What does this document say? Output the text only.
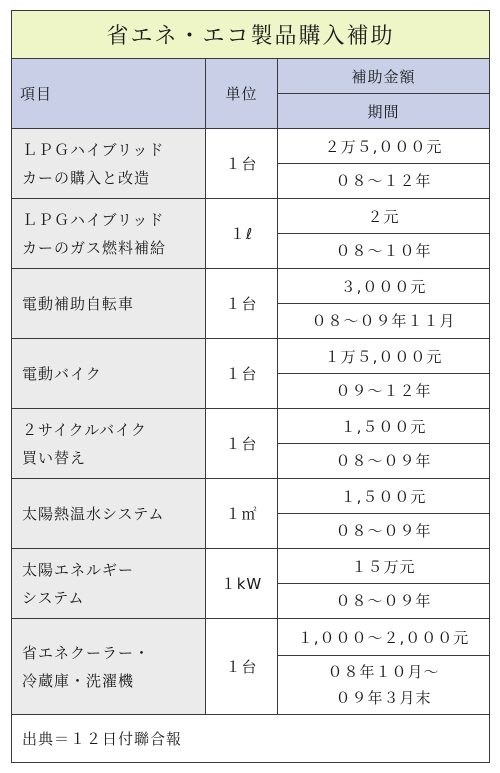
省エネ・エコ製品購入補助		
項目	単位	補助金額
		期間
ＬＰＧハイブリッド
カーの購入と改造	１台	２万５,０００元
		０８～１２年
ＬＰＧハイブリッド
カーのガス燃料補給	１ℓ	２元
		０８～１０年
電動補助自転車	１台	３,０００元
		０８～０９年１１月
電動バイク	１台	１万５,０００元
		０９～１２年
２サイクルバイク
買い替え	１台	１,５００元
		０８～０９年
太陽熱温水システム	１㎡	１,５００元
		０８～０９年
太陽エネルギー
システム	１kW	１５万元
		０８～０９年
省エネクーラー・
冷蔵庫・洗濯機	１台	１,０００～２,０００元
		０８年１０月～
０９年３月末
出典＝１２日付聯合報		
